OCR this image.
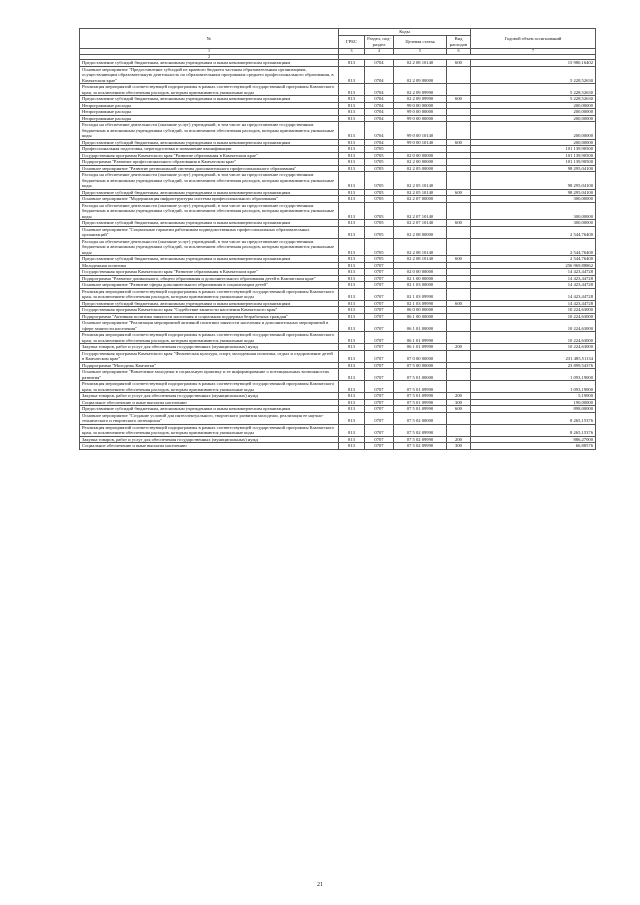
№	Коды				Годовой объем ассигнований
	ГРБС	Раздел, под-раздел	Целевая статья	Вид расходов	
1	3	4	5	6	7
2					
Предоставление субсидий бюджетным, автономным учреждениям и иным некоммерческим организациям	813	0704	02 2 08 10140	600	15 980,16402
Основное мероприятие "Предоставление субсидий из краевого бюджета частным образовательным организациям, осуществляющим образовательную деятельность по образовательным программам среднего профессионального образования, в Камчатском крае"	813	0704	02 2 09 00000		5 228,52630
Реализация мероприятий соответствующей подпрограммы в рамках соответствующей государственной программы Камчатского края, за исключением обеспечения расходов, которым присваиваются уникальные коды	813	0704	02 2 09 09990		5 228,52630
Предоставление субсидий бюджетным, автономным учреждениям и иным некоммерческим организациям	813	0704	02 2 09 09990	600	5 228,52630
Непрограммные расходы	813	0704	99 0 00 00000		200,00000
Непрограммные расходы	813	0704	99 0 00 00000		200,00000
Непрограммные расходы	813	0704	99 0 00 00000		200,00000
Расходы на обеспечение деятельности (оказание услуг) учреждений, в том числе на предоставление государственным бюджетным и автономным учреждениям субсидий, за исключением обеспечения расходов, которым присваиваются уникальные коды	813	0704	99 0 00 10140		200,00000
Предоставление субсидий бюджетным, автономным учреждениям и иным некоммерческим организациям	813	0704	99 0 00 10140	600	200,00000
Профессиональная подготовка, переподготовка и повышение квалификации	813	0705			101 139,90500
Государственная программа Камчатского края "Развитие образования в Камчатском крае"	813	0705	02 0 00 00000		101 139,90500
Подпрограмма "Развитие профессионального образования в Камчатском крае"	813	0705	02 2 00 00000		101 139,90500
Основное мероприятие "Развитие региональной системы дополнительного профессионального образования"	813	0705	02 2 05 00000		98 295,04100
Расходы на обеспечение деятельности (оказание услуг) учреждений, в том числе на предоставление государственным бюджетным и автономным учреждениям субсидий, за исключением обеспечения расходов, которым присваиваются уникальные коды	813	0705	02 2 05 10140		98 295,04100
Предоставление субсидий бюджетным, автономным учреждениям и иным некоммерческим организациям	813	0705	02 2 05 10140	600	98 295,04100
Основное мероприятие "Модернизация инфраструктуры системы профессионального образования"	813	0705	02 2 07 00000		300,00000
Расходы на обеспечение деятельности (оказание услуг) учреждений, в том числе на предоставление государственным бюджетным и автономным учреждениям субсидий, за исключением обеспечения расходов, которым присваиваются уникальные коды	813	0705	02 2 07 10140		300,00000
Предоставление субсидий бюджетным, автономным учреждениям и иным некоммерческим организациям	813	0705	02 2 07 10140	600	300,00000
Основное мероприятие "Социальные гарантии работникам подведомственных профессиональных образовательных организаций"	813	0705	02 2 08 00000		2 544,76400
Расходы на обеспечение деятельности (оказание услуг) учреждений, в том числе на предоставление государственным бюджетным и автономным учреждениям субсидий, за исключением обеспечения расходов, которым присваиваются уникальные коды	813	0705	02 2 08 10140		2 544,76400
Предоставление субсидий бюджетным, автономным учреждениям и иным некоммерческим организациям	813	0705	02 2 08 10140	600	2 544,76400
Молодежная политика	813	0707			256 969,88862
Государственная программа Камчатского края "Развитие образования в Камчатском крае"	813	0707	02 0 00 00000		14 423,44728
Подпрограмма "Развитие дошкольного, общего образования и дополнительного образования детей в Камчатском крае"	813	0707	02 1 00 00000		14 423,44728
Основное мероприятие "Развитие сферы дополнительного образования в социализации детей"	813	0707	02 1 03 00000		14 423,44728
Реализация мероприятий соответствующей подпрограммы в рамках соответствующей государственной программы Камчатского края, за исключением обеспечения расходов, которым присваиваются уникальные коды	813	0707	02 1 03 09990		14 423,44728
Предоставление субсидий бюджетным, автономным учреждениям и иным некоммерческим организациям	813	0707	02 1 03 09990	600	14 423,44728
Государственная программа Камчатского края "Содействие занятости населения Камчатского края"	813	0707	06 0 00 00000		10 224,63000
Подпрограмма "Активная политика занятости населения и социальная поддержка безработных граждан"	813	0707	06 1 00 00000		10 224,63000
Основное мероприятие "Реализация мероприятий активной политики занятости населения и дополнительных мероприятий в сфере занятости населения"	813	0707	06 1 01 00000		10 224,63000
Реализация мероприятий соответствующей подпрограммы в рамках соответствующей государственной программы Камчатского края, за исключением обеспечения расходов, которым присваиваются уникальные коды	813	0707	06 1 01 09990		10 224,63000
Закупка товаров, работ и услуг для обеспечения государственных (муниципальных) нужд	813	0707	06 1 01 09990	200	10 224,63000
Государственная программа Камчатского края "Физическая культура, спорт, молодежная политика, отдых и оздоровление детей в Камчатском крае"	813	0707	07 0 00 00000		231 485,51134
Подпрограмма "Молодежь Камчатки"	813	0707	07 5 00 00000		23 899,54376
Основное мероприятие "Вовлечение молодежи в социальную практику и ее информирование о потенциальных возможностях развития"	813	0707	07 5 01 00000		1 093,19000
Реализация мероприятий соответствующей подпрограммы в рамках соответствующей государственной программы Камчатского края, за исключением обеспечения расходов, которым присваиваются уникальные коды	813	0707	07 5 01 09990		1 093,19000
Закупка товаров, работ и услуг для обеспечения государственных (муниципальных) нужд	813	0707	07 5 01 09990	200	5,19000
Социальное обеспечение и иные выплаты населению	813	0707	07 5 01 09990	300	190,00000
Предоставление субсидий бюджетным, автономным учреждениям и иным некоммерческим организациям	813	0707	07 5 01 09990	600	898,00000
Основное мероприятие "Создание условий для интеллектуального, творческого развития молодежи, реализация ее научно-технического и творческого потенциала"	813	0707	07 5 02 00000		8 265,15376
Реализация мероприятий соответствующей подпрограммы в рамках соответствующей государственной программы Камчатского края, за исключением обеспечения расходов, которым присваиваются уникальные коды	813	0707	07 5 02 09990		8 265,15376
Закупка товаров, работ и услуг для обеспечения государственных (муниципальных) нужд	813	0707	07 5 02 09990	200	886,27000
Социальное обеспечение и иные выплаты населению	813	0707	07 5 02 09990	300	66,88576
21
